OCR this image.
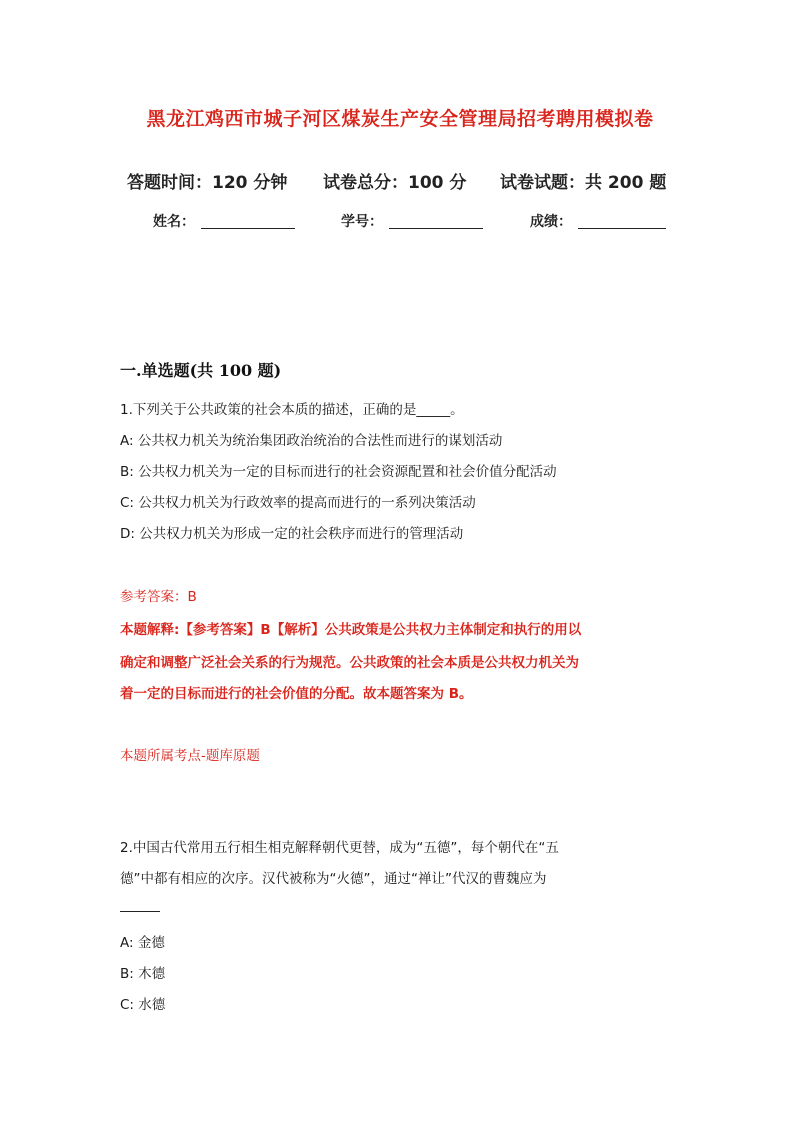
黑龙江鸡西市城子河区煤炭生产安全管理局招考聘用模拟卷
答题时间：120 分钟 试卷总分：100 分 试卷试题：共 200 题
姓名：	学号：	成绩：
一.单选题(共 100 题)
1.下列关于公共政策的社会本质的描述，正确的是_____。
A: 公共权力机关为统治集团政治统治的合法性而进行的谋划活动
B: 公共权力机关为一定的目标而进行的社会资源配置和社会价值分配活动
C: 公共权力机关为行政效率的提高而进行的一系列决策活动
D: 公共权力机关为形成一定的社会秩序而进行的管理活动
参考答案：B
本题解释:【参考答案】B【解析】公共政策是公共权力主体制定和执行的用以
确定和调整广泛社会关系的行为规范。公共政策的社会本质是公共权力机关为
着一定的目标而进行的社会价值的分配。故本题答案为 B。
本题所属考点-题库原题
2.中国古代常用五行相生相克解释朝代更替，成为“五德”，每个朝代在“五
德”中都有相应的次序。汉代被称为“火德”，通过“禅让”代汉的曹魏应为
A: 金德
B: 木德
C: 水德
